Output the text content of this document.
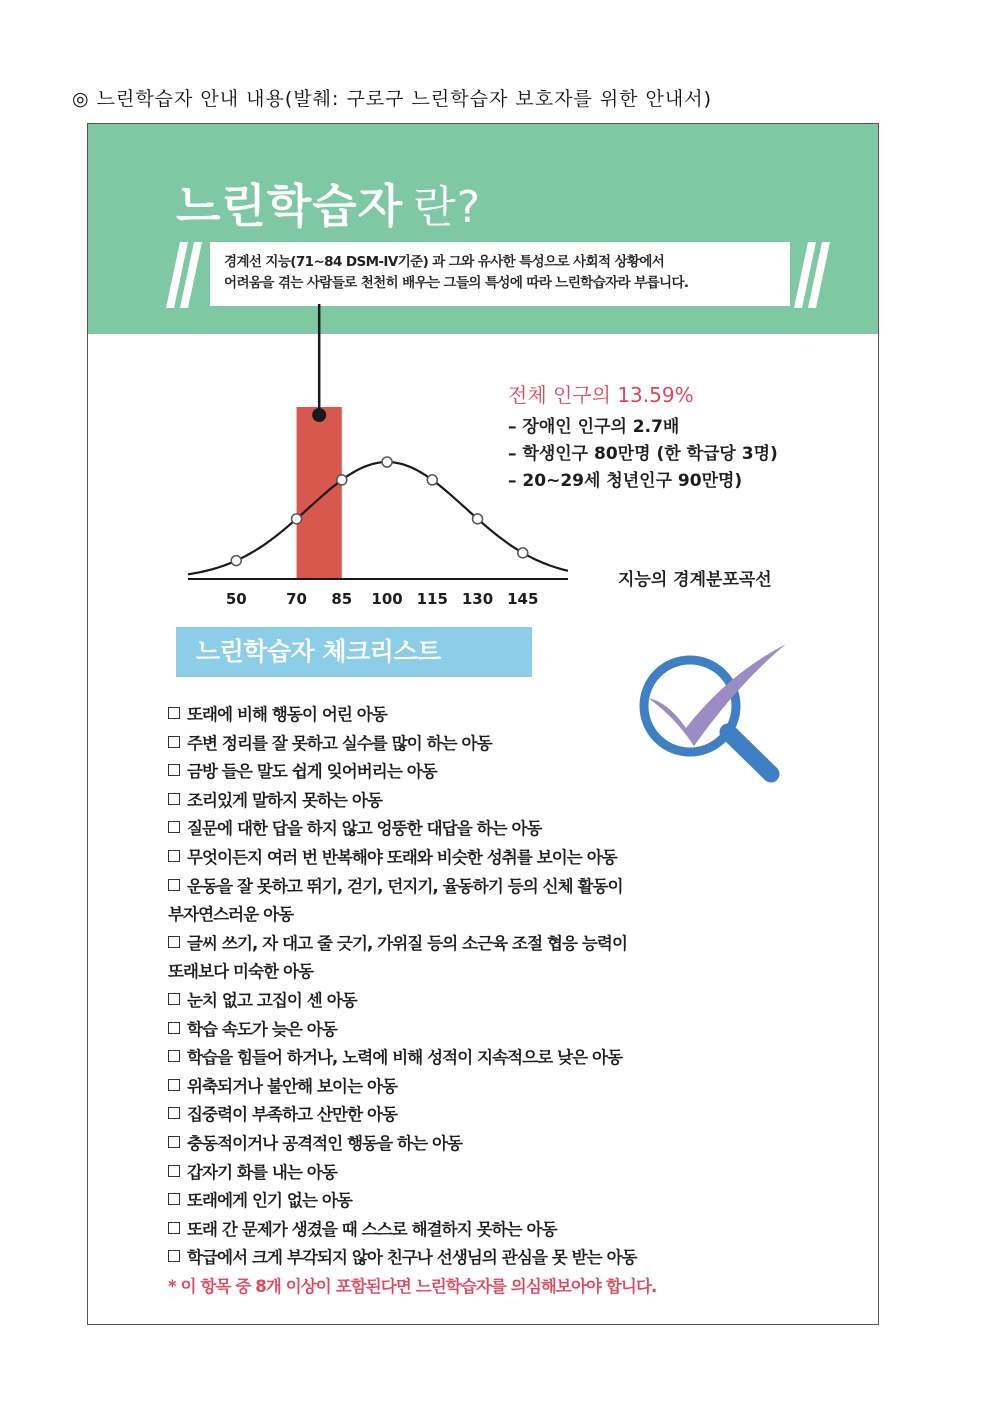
◎ 느린학습자 안내 내용(발췌: 구로구 느린학습자 보호자를 위한 안내서)
느린학습자 란?
경계선 지능(71~84 DSM-IV기준) 과 그와 유사한 특성으로 사회적 상황에서
어려움을 겪는 사람들로 천천히 배우는 그들의 특성에 따라 느린학습자라 부릅니다.
50	70 85 100 115 130 145
전체 인구의 13.59%
– 장애인 인구의 2.7배
– 학생인구 80만명 (한 학급당 3명)
– 20~29세 청년인구 90만명)
지능의 경계분포곡선
느린학습자 체크리스트
또래에 비해 행동이 어린 아동
주변 정리를 잘 못하고 실수를 많이 하는 아동
금방 들은 말도 쉽게 잊어버리는 아동
조리있게 말하지 못하는 아동
질문에 대한 답을 하지 않고 엉뚱한 대답을 하는 아동
무엇이든지 여러 번 반복해야 또래와 비슷한 성취를 보이는 아동
운동을 잘 못하고 뛰기, 걷기, 던지기, 율동하기 등의 신체 활동이
부자연스러운 아동
글씨 쓰기, 자 대고 줄 긋기, 가위질 등의 소근육 조절 협응 능력이
또래보다 미숙한 아동
눈치 없고 고집이 센 아동
학습 속도가 늦은 아동
학습을 힘들어 하거나, 노력에 비해 성적이 지속적으로 낮은 아동
위축되거나 불안해 보이는 아동
집중력이 부족하고 산만한 아동
충동적이거나 공격적인 행동을 하는 아동
갑자기 화를 내는 아동
또래에게 인기 없는 아동
또래 간 문제가 생겼을 때 스스로 해결하지 못하는 아동
학급에서 크게 부각되지 않아 친구나 선생님의 관심을 못 받는 아동
* 이 항목 중 8개 이상이 포함된다면 느린학습자를 의심해보아야 합니다.
